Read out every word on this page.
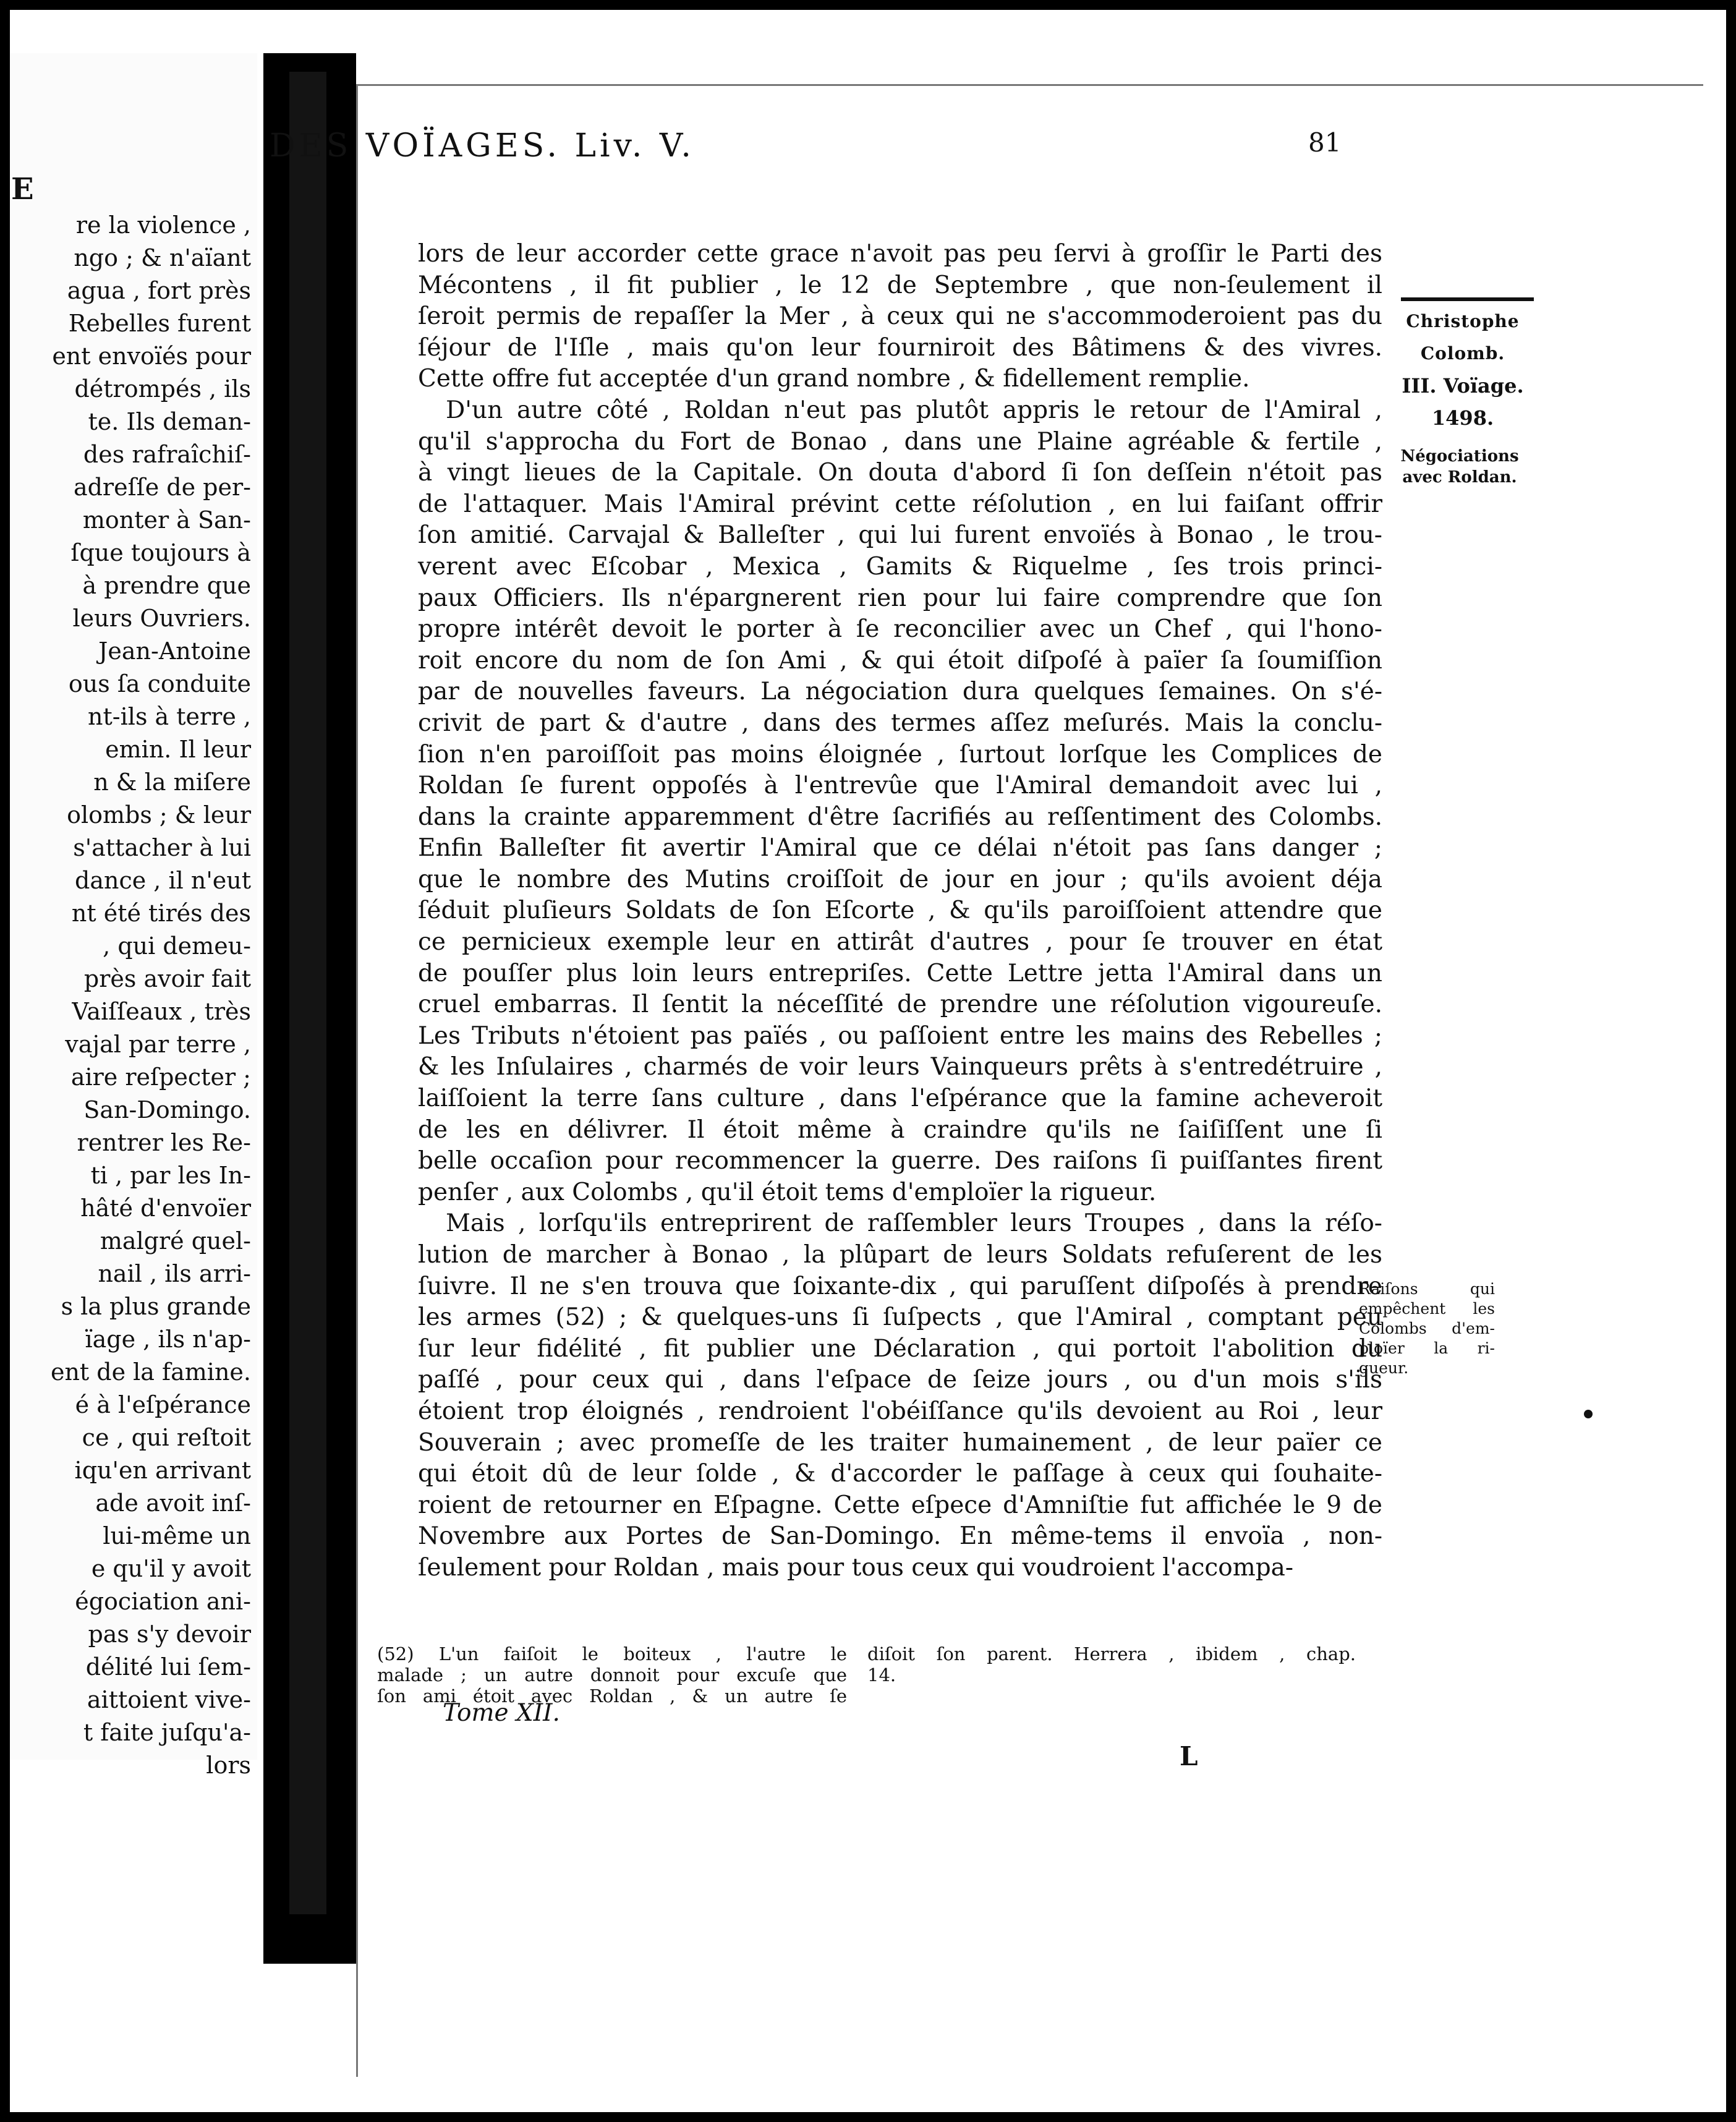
E
re la violence ,
ngo ; & n'aïant
agua , fort près
Rebelles furent
ent envoïés pour
détrompés , ils
te. Ils deman-
des rafraîchiſ-
adreſſe de per-
monter à San-
ſque toujours à
à prendre que
leurs Ouvriers.
Jean-Antoine
ous ſa conduite
nt-ils à terre ,
emin. Il leur
n & la miſere
olombs ; & leur
s'attacher à lui
dance , il n'eut
nt été tirés des
, qui demeu-
près avoir fait
Vaiſſeaux , très
vajal par terre ,
aire reſpecter ;
San-Domingo.
rentrer les Re-
ti , par les In-
hâté d'envoïer
malgré quel-
nail , ils arri-
s la plus grande
ïage , ils n'ap-
ent de la famine.
é à l'eſpérance
ce , qui reſtoit
iqu'en arrivant
ade avoit inſ-
lui-même un
e qu'il y avoit
égociation ani-
pas s'y devoir
délité lui ſem-
aittoient vive-
t faite juſqu'a-
lors
DES VOÏAGES. Liv. V.	81
Christophe
Colomb.
III. Voïage.
1498.
Négociations
avec Roldan.
Raiſons qui
empêchent les
Colombs d'em-
ploïer la ri-
gueur.
lors de leur accorder cette grace n'avoit pas peu ſervi à groſſir le Parti des
Mécontens , il fit publier , le 12 de Septembre , que non-ſeulement il
ſeroit permis de repaſſer la Mer , à ceux qui ne s'accommoderoient pas du
ſéjour de l'Iſle , mais qu'on leur fourniroit des Bâtimens & des vivres.
Cette offre fut acceptée d'un grand nombre , & fidellement remplie.
D'un autre côté , Roldan n'eut pas plutôt appris le retour de l'Amiral ,
qu'il s'approcha du Fort de Bonao , dans une Plaine agréable & fertile ,
à vingt lieues de la Capitale. On douta d'abord ſi ſon deſſein n'étoit pas
de l'attaquer. Mais l'Amiral prévint cette réſolution , en lui faiſant offrir
ſon amitié. Carvajal & Balleſter , qui lui furent envoïés à Bonao , le trou-
verent avec Eſcobar , Mexica , Gamits & Riquelme , ſes trois princi-
paux Officiers. Ils n'épargnerent rien pour lui faire comprendre que ſon
propre intérêt devoit le porter à ſe reconcilier avec un Chef , qui l'hono-
roit encore du nom de ſon Ami , & qui étoit diſpoſé à païer ſa ſoumiſſion
par de nouvelles faveurs. La négociation dura quelques ſemaines. On s'é-
crivit de part & d'autre , dans des termes aſſez meſurés. Mais la conclu-
ſion n'en paroiſſoit pas moins éloignée , ſurtout lorſque les Complices de
Roldan ſe furent oppoſés à l'entrevûe que l'Amiral demandoit avec lui ,
dans la crainte apparemment d'être ſacrifiés au reſſentiment des Colombs.
Enfin Balleſter fit avertir l'Amiral que ce délai n'étoit pas ſans danger ;
que le nombre des Mutins croiſſoit de jour en jour ; qu'ils avoient déja
ſéduit pluſieurs Soldats de ſon Eſcorte , & qu'ils paroiſſoient attendre que
ce pernicieux exemple leur en attirât d'autres , pour ſe trouver en état
de pouſſer plus loin leurs entrepriſes. Cette Lettre jetta l'Amiral dans un
cruel embarras. Il ſentit la néceſſité de prendre une réſolution vigoureuſe.
Les Tributs n'étoient pas païés , ou paſſoient entre les mains des Rebelles ;
& les Inſulaires , charmés de voir leurs Vainqueurs prêts à s'entredétruire ,
laiſſoient la terre ſans culture , dans l'eſpérance que la famine acheveroit
de les en délivrer. Il étoit même à craindre qu'ils ne ſaiſiſſent une ſi
belle occaſion pour recommencer la guerre. Des raiſons ſi puiſſantes firent
penſer , aux Colombs , qu'il étoit tems d'emploïer la rigueur.
Mais , lorſqu'ils entreprirent de raſſembler leurs Troupes , dans la réſo-
lution de marcher à Bonao , la plûpart de leurs Soldats refuſerent de les
ſuivre. Il ne s'en trouva que ſoixante-dix , qui paruſſent diſpoſés à prendre
les armes (52) ; & quelques-uns ſi ſuſpects , que l'Amiral , comptant peu
ſur leur fidélité , fit publier une Déclaration , qui portoit l'abolition du
paſſé , pour ceux qui , dans l'eſpace de ſeize jours , ou d'un mois s'ils
étoient trop éloignés , rendroient l'obéiſſance qu'ils devoient au Roi , leur
Souverain ; avec promeſſe de les traiter humainement , de leur païer ce
qui étoit dû de leur ſolde , & d'accorder le paſſage à ceux qui ſouhaite-
roient de retourner en Eſpagne. Cette eſpece d'Amniſtie fut affichée le 9 de
Novembre aux Portes de San-Domingo. En même-tems il envoïa , non-
ſeulement pour Roldan , mais pour tous ceux qui voudroient l'accompa-
(52) L'un faiſoit le boiteux , l'autre le
malade ; un autre donnoit pour excuſe que
ſon ami étoit avec Roldan , & un autre ſe
diſoit ſon parent. Herrera , ibidem , chap.
14.
Tome XII.
L
